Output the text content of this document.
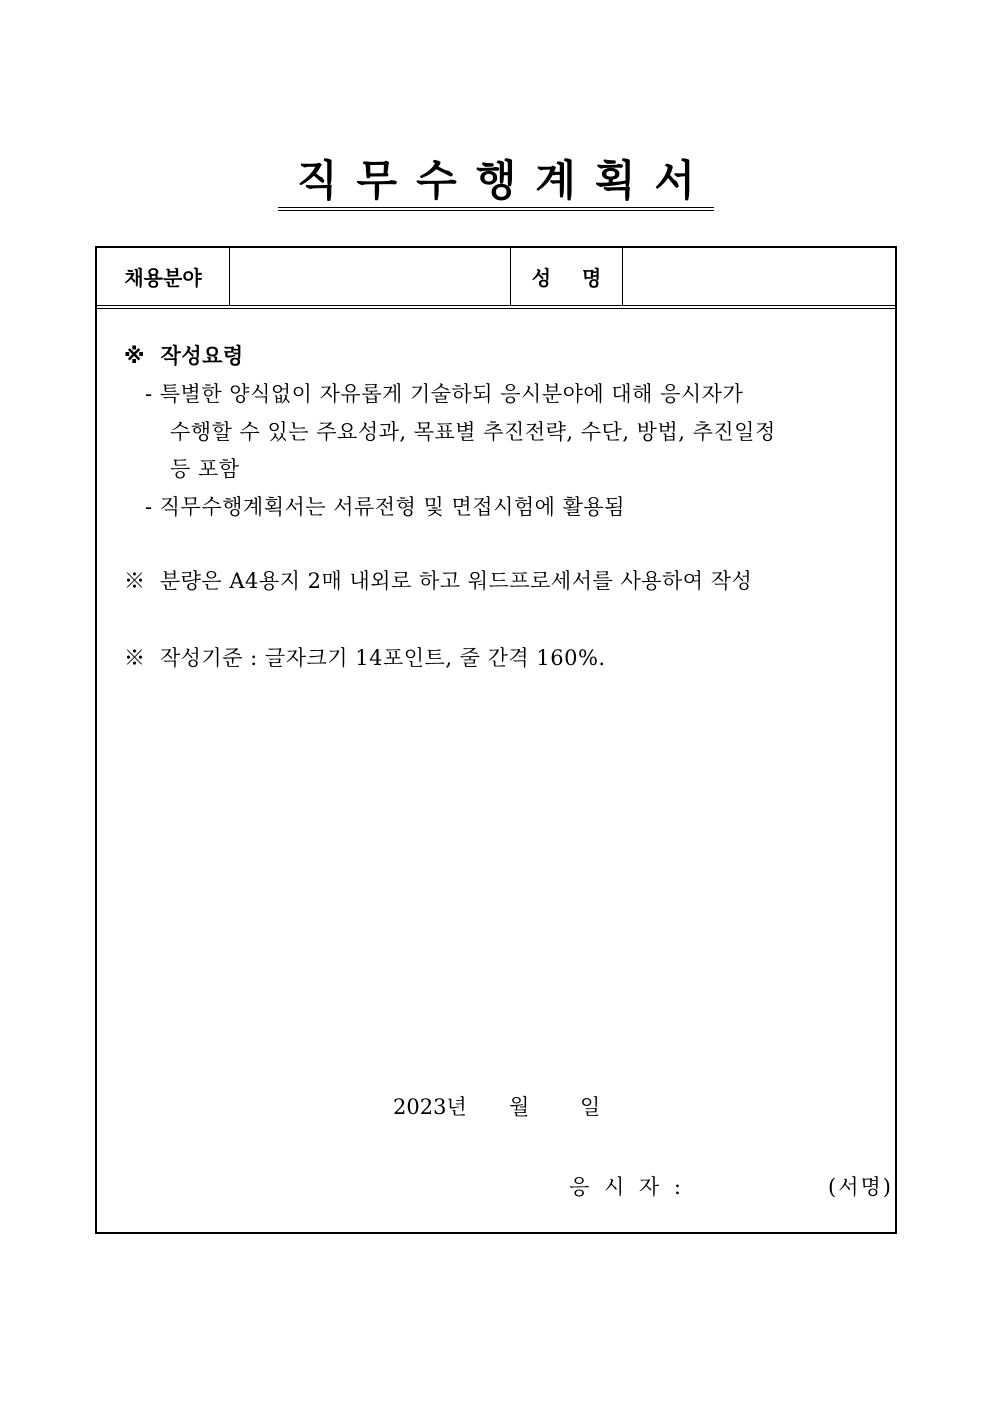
직무수행계획서
채용분야	성 명
※ 작성요령
- 특별한 양식없이 자유롭게 기술하되 응시분야에 대해 응시자가
수행할 수 있는 주요성과, 목표별 추진전략, 수단, 방법, 추진일정
등 포함
- 직무수행계획서는 서류전형 및 면접시험에 활용됨
※ 분량은 A4용지 2매 내외로 하고 워드프로세서를 사용하여 작성
※ 작성기준 : 글자크기 14포인트, 줄 간격 160%.
2023년 월 일
응 시 자 :	(서명)
